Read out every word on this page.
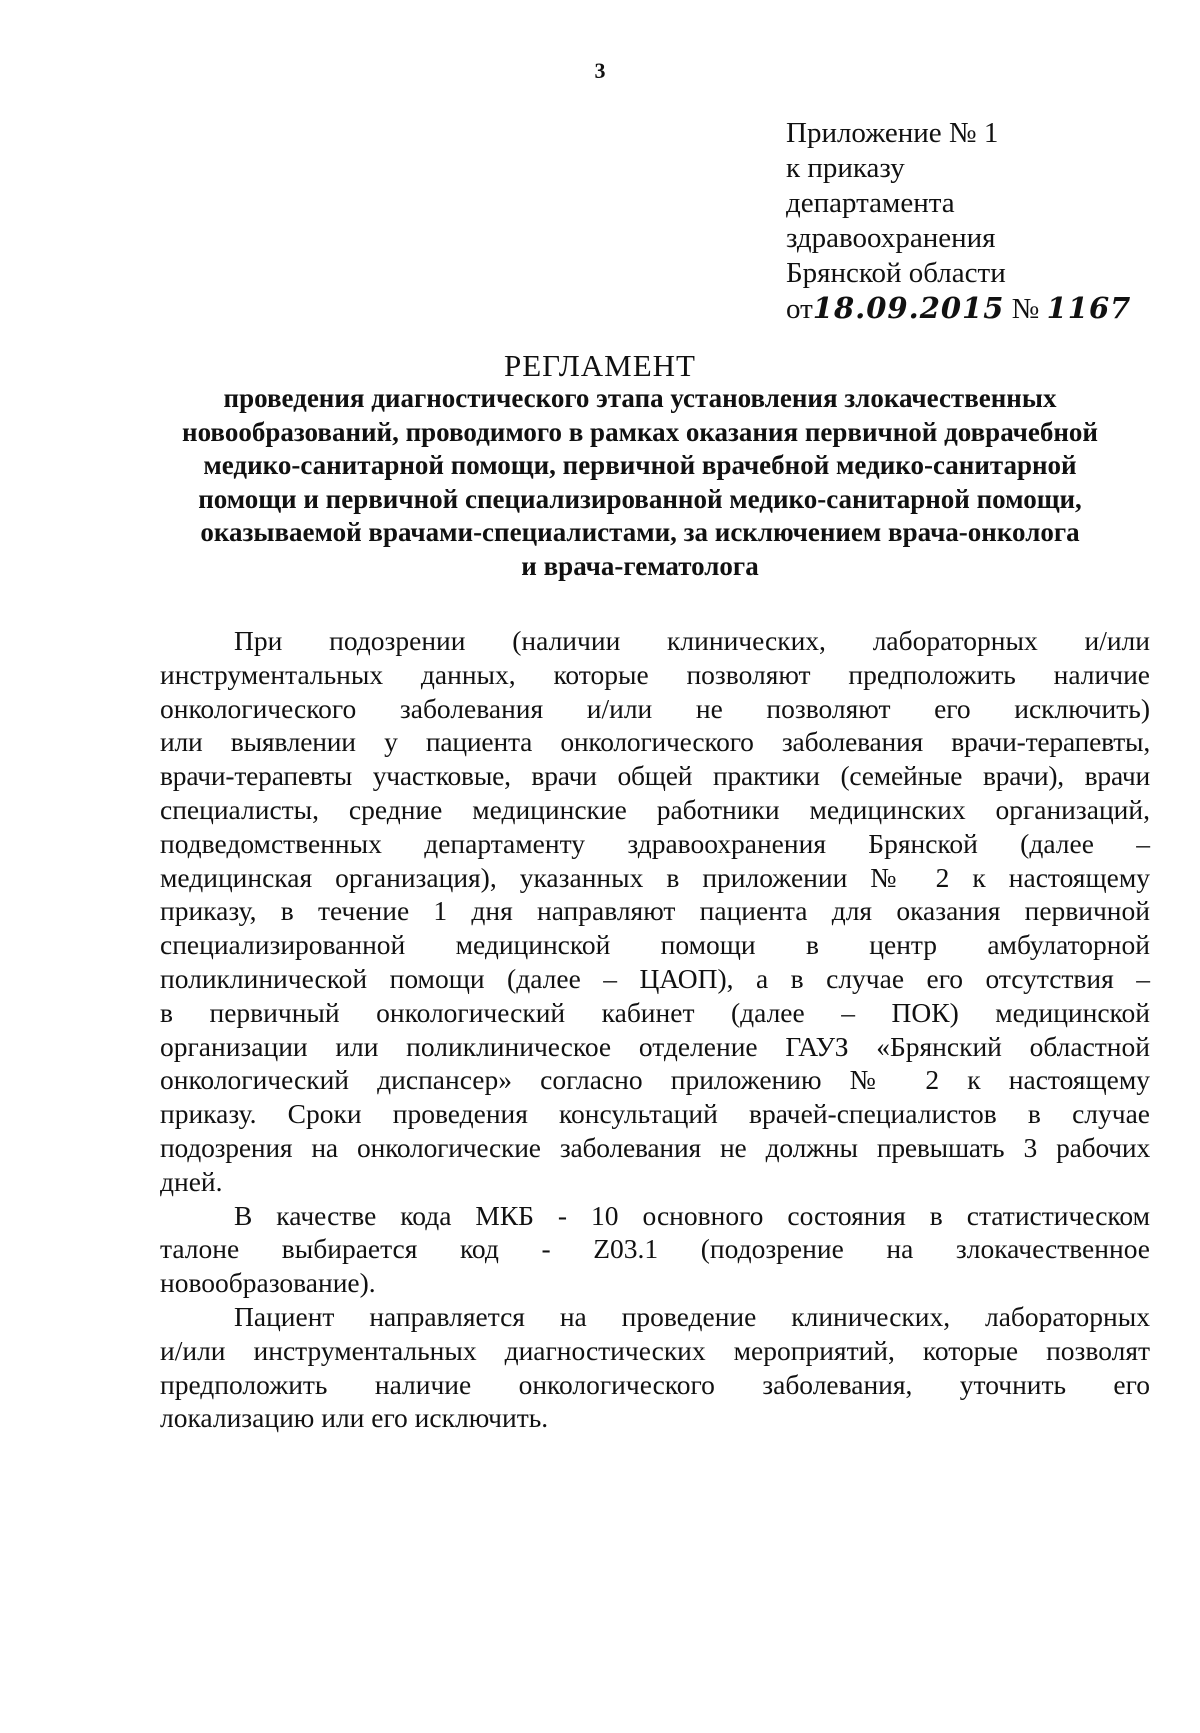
3
Приложение № 1
к приказу
департамента
здравоохранения
Брянской области
от18.09.2015 № 1167
РЕГЛАМЕНТ
проведения диагностического этапа установления злокачественных
новообразований, проводимого в рамках оказания первичной доврачебной
медико-санитарной помощи, первичной врачебной медико-санитарной
помощи и первичной специализированной медико-санитарной помощи,
оказываемой врачами-специалистами, за исключением врача-онколога
и врача-гематолога
При подозрении (наличии клинических, лабораторных и/или
инструментальных данных, которые позволяют предположить наличие
онкологического заболевания и/или не позволяют его исключить)
или выявлении у пациента онкологического заболевания врачи-терапевты,
врачи-терапевты участковые, врачи общей практики (семейные врачи), врачи
специалисты, средние медицинские работники медицинских организаций,
подведомственных департаменту здравоохранения Брянской (далее –
медицинская организация), указанных в приложении № 2 к настоящему
приказу, в течение 1 дня направляют пациента для оказания первичной
специализированной медицинской помощи в центр амбулаторной
поликлинической помощи (далее – ЦАОП), а в случае его отсутствия –
в первичный онкологический кабинет (далее – ПОК) медицинской
организации или поликлиническое отделение ГАУЗ «Брянский областной
онкологический диспансер» согласно приложению № 2 к настоящему
приказу. Сроки проведения консультаций врачей-специалистов в случае
подозрения на онкологические заболевания не должны превышать 3 рабочих
дней.
В качестве кода МКБ - 10 основного состояния в статистическом
талоне выбирается код - Z03.1 (подозрение на злокачественное
новообразование).
Пациент направляется на проведение клинических, лабораторных
и/или инструментальных диагностических мероприятий, которые позволят
предположить наличие онкологического заболевания, уточнить его
локализацию или его исключить.
